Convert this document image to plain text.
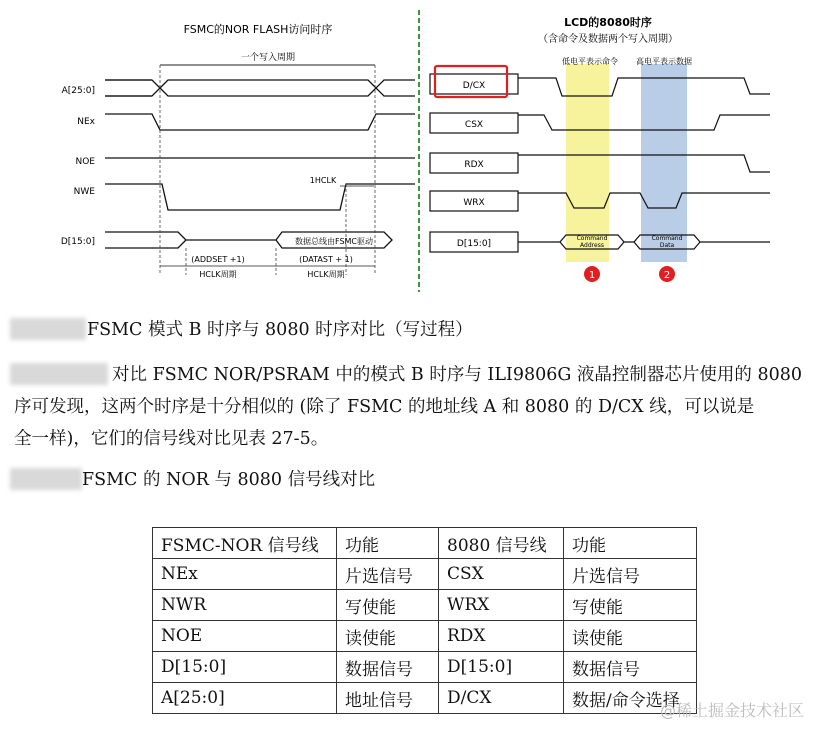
FSMC的NOR FLASH访问时序
一个写入周期
A[25:0]
NEx
NOE
NWE
D[15:0]
1HCLK
数据总线由FSMC驱动
(ADDSET +1)
HCLK周期
(DATAST + 1)
HCLK周期
LCD的8080时序
（含命令及数据两个写入周期）
低电平表示命令 高电平表示数据
D/CX
CSX
RDX
WRX
D[15:0]
Command
Address
Command
Data
1	2
FSMC 模式 B 时序与 8080 时序对比（写过程）
对比 FSMC NOR/PSRAM 中的模式 B 时序与 ILI9806G 液晶控制器芯片使用的 8080
序可发现，这两个时序是十分相似的 (除了 FSMC 的地址线 A 和 8080 的 D/CX 线，可以说是
全一样)，它们的信号线对比见表 27-5。
FSMC 的 NOR 与 8080 信号线对比
FSMC-NOR 信号线	功能	8080 信号线	功能
NEx	片选信号	CSX	片选信号
NWR	写使能	WRX	写使能
NOE	读使能	RDX	读使能
D[15:0]	数据信号	D[15:0]	数据信号
A[25:0]	地址信号	D/CX	数据/命令选择
@稀土掘金技术社区
